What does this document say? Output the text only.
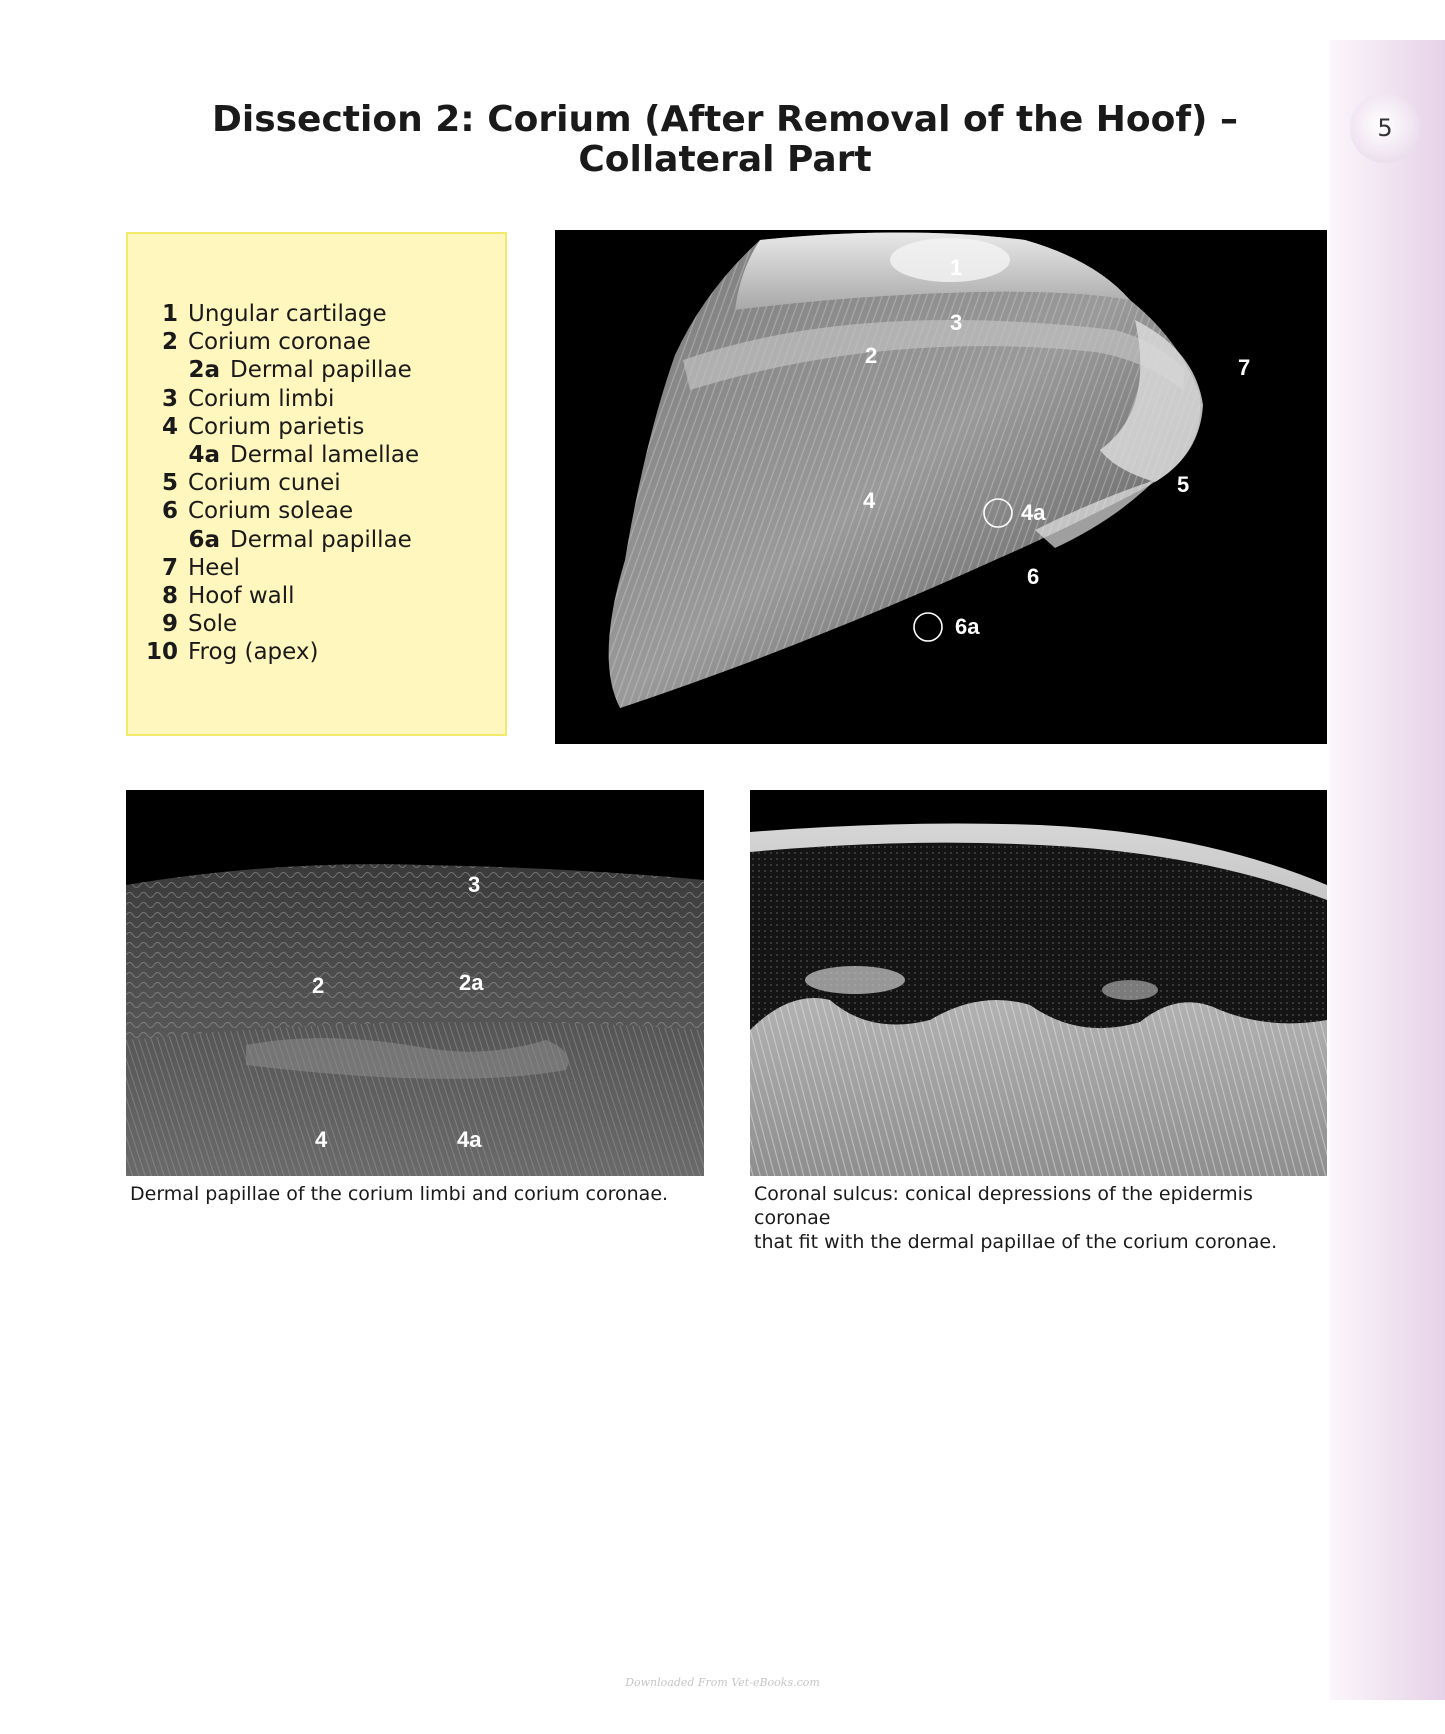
5
Dissection 2: Corium (After Removal of the Hoof) –
Collateral Part
1 Ungular cartilage
2 Corium coronae
2a Dermal papillae
3 Corium limbi
4 Corium parietis
4a Dermal lamellae
5 Corium cunei
6 Corium soleae
6a Dermal papillae
7 Heel
8 Hoof wall
9 Sole
10 Frog (apex)
1
3
2	7
4	4a
5
6
6a
3
2	2a
4	4a
Dermal papillae of the corium limbi and corium coronae.	Coronal sulcus: conical depressions of the epidermis coronae
that fit with the dermal papillae of the corium coronae.
Downloaded From Vet-eBooks.com
